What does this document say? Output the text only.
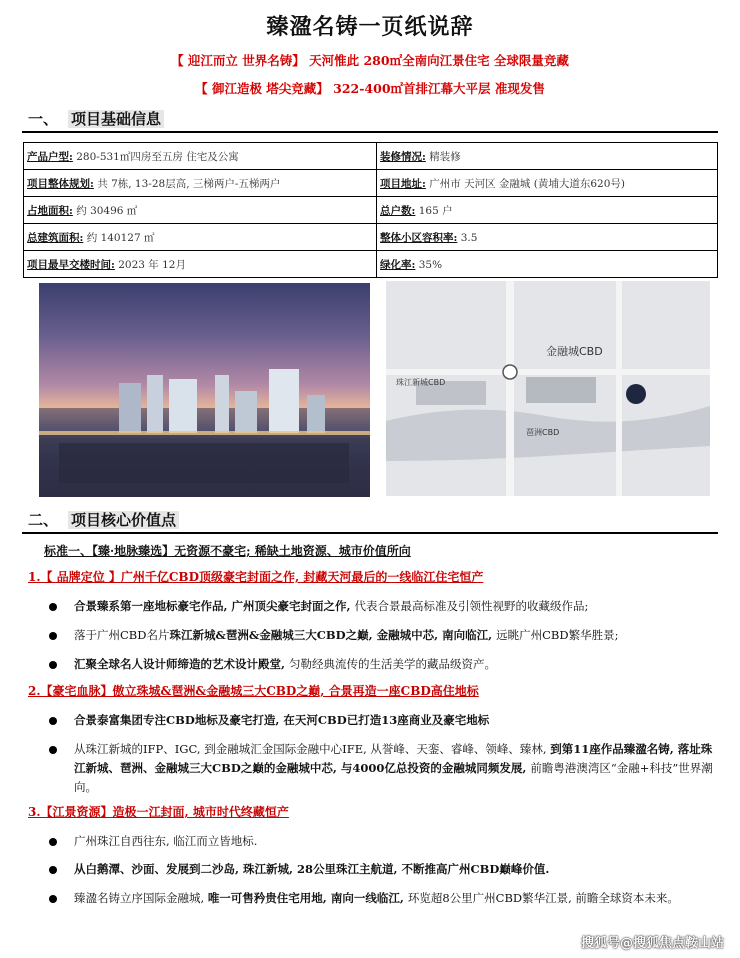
臻溋名铸一页纸说辞
【 迎江而立 世界名铸】 天河惟此 280㎡全南向江景住宅 全球限量竞藏
【 御江造极 塔尖竞藏】 322-400㎡首排江幕大平层 准现发售
一、 项目基础信息
产品户型: 280-531㎡四房至五房 住宅及公寓	装修情况: 精装修
项目整体规划: 共 7栋, 13-28层高, 三梯两户-五梯两户	项目地址: 广州市 天河区 金融城 (黄埔大道东620号)
占地面积: 约 30496 ㎡	总户数: 165 户
总建筑面积: 约 140127 ㎡	整体小区容积率: 3.5
项目最早交楼时间: 2023 年 12月	绿化率: 35%
金融城CBD
珠江新城CBD
琶洲CBD
二、 项目核心价值点
标准一、【臻·地脉臻选】无资源不豪宅; 稀缺土地资源、城市价值所向
1.【 品牌定位 】广州千亿CBD顶级豪宅封面之作, 封藏天河最后的一线临江住宅恒产
合景臻系第一座地标豪宅作品, 广州顶尖豪宅封面之作, 代表合景最高标准及引领性视野的收藏级作品;
落于广州CBD名片珠江新城&琶洲&金融城三大CBD之巅, 金融城中芯, 南向临江, 远眺广州CBD繁华胜景;
汇聚全球名人设计师缔造的艺术设计殿堂, 匀勒经典流传的生活美学的藏品级资产。
2.【豪宅血脉】傲立珠城&琶洲&金融城三大CBD之巅, 合景再造一座CBD高住地标
合景泰富集团专注CBD地标及豪宅打造, 在天河CBD已打造13座商业及豪宅地标
从珠江新城的IFP、IGC, 到金融城汇金国际金融中心IFE, 从誉峰、天銮、睿峰、领峰、臻林, 到第11座作品臻溋名铸, 落址珠江新城、琶洲、金融城三大CBD之巅的金融城中芯, 与4000亿总投资的金融城同频发展, 前瞻粤港澳湾区“金融+科技”世界潮向。
3.【江景资源】造极一江封面, 城市时代终藏恒产
广州珠江自西往东, 临江而立皆地标.
从白鹅潭、沙面、发展到二沙岛, 珠江新城, 28公里珠江主航道, 不断推高广州CBD巅峰价值.
臻溋名铸立序国际金融城, 唯一可售矜贵住宅用地, 南向一线临江, 环览超8公里广州CBD繁华江景, 前瞻全球资本未来。
搜狐号@搜狐焦点鞍山站
